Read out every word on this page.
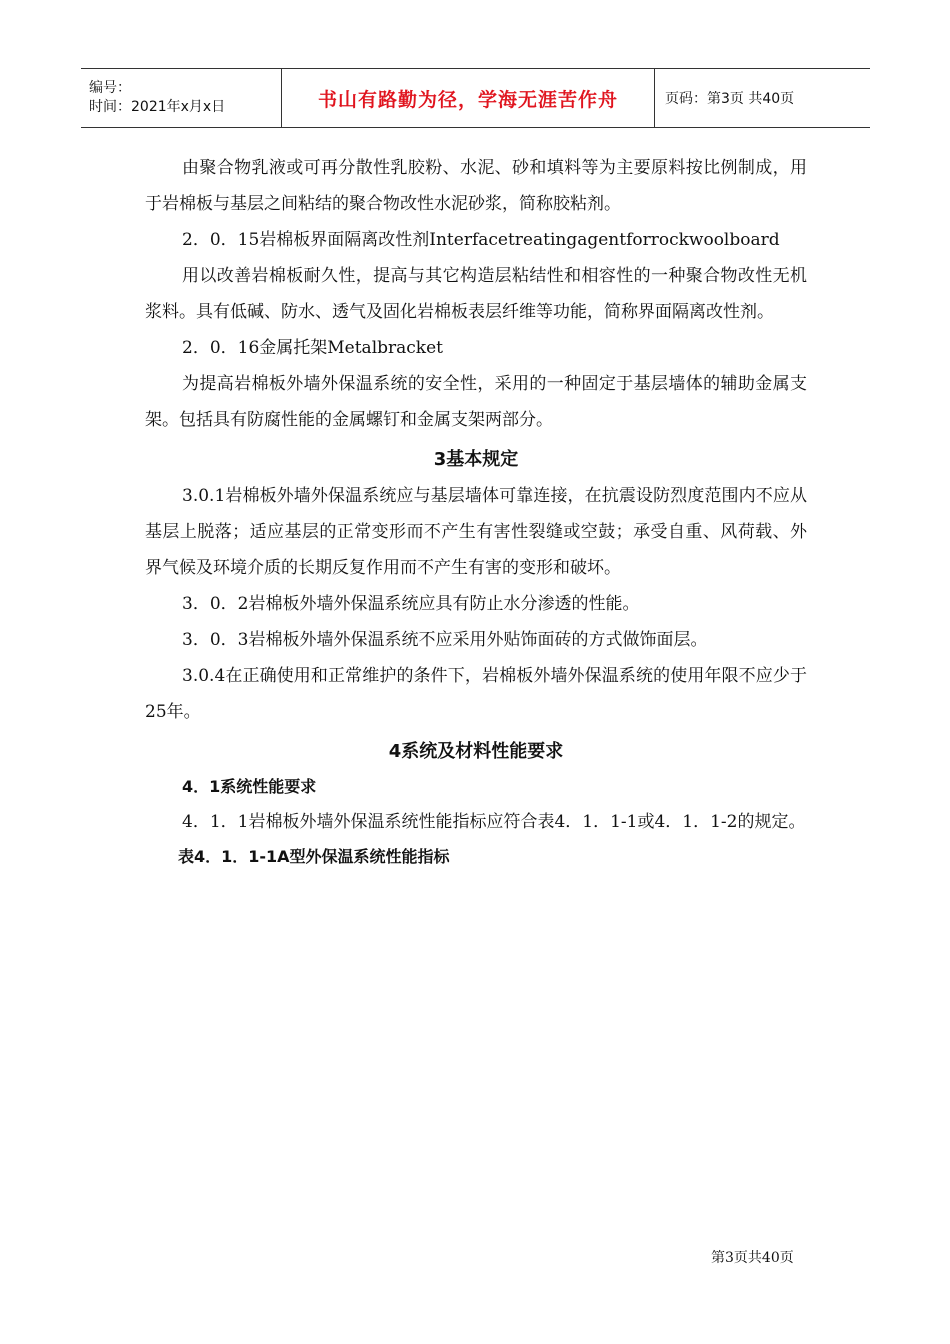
编号：
时间：2021年x月x日	书山有路勤为径，学海无涯苦作舟	页码：第3页 共40页

由聚合物乳液或可再分散性乳胶粉、水泥、砂和填料等为主要原料按比例制成，用于岩棉板与基层之间粘结的聚合物改性水泥砂浆，简称胶粘剂。

2．0．15岩棉板界面隔离改性剂Interfacetreatingagentforrockwoolboard

用以改善岩棉板耐久性，提高与其它构造层粘结性和相容性的一种聚合物改性无机浆料。具有低碱、防水、透气及固化岩棉板表层纤维等功能，简称界面隔离改性剂。

2．0．16金属托架Metalbracket

为提高岩棉板外墙外保温系统的安全性，采用的一种固定于基层墙体的辅助金属支架。包括具有防腐性能的金属螺钉和金属支架两部分。

3基本规定

3.0.1岩棉板外墙外保温系统应与基层墙体可靠连接，在抗震设防烈度范围内不应从基层上脱落；适应基层的正常变形而不产生有害性裂缝或空鼓；承受自重、风荷载、外界气候及环境介质的长期反复作用而不产生有害的变形和破坏。

3．0．2岩棉板外墙外保温系统应具有防止水分渗透的性能。

3．0．3岩棉板外墙外保温系统不应采用外贴饰面砖的方式做饰面层。

3.0.4在正确使用和正常维护的条件下，岩棉板外墙外保温系统的使用年限不应少于25年。

4系统及材料性能要求
4．1系统性能要求

4．1．1岩棉板外墙外保温系统性能指标应符合表4．1．1-1或4．1．1-2的规定。

表4．1．1-1A型外保温系统性能指标
第3页共40页
